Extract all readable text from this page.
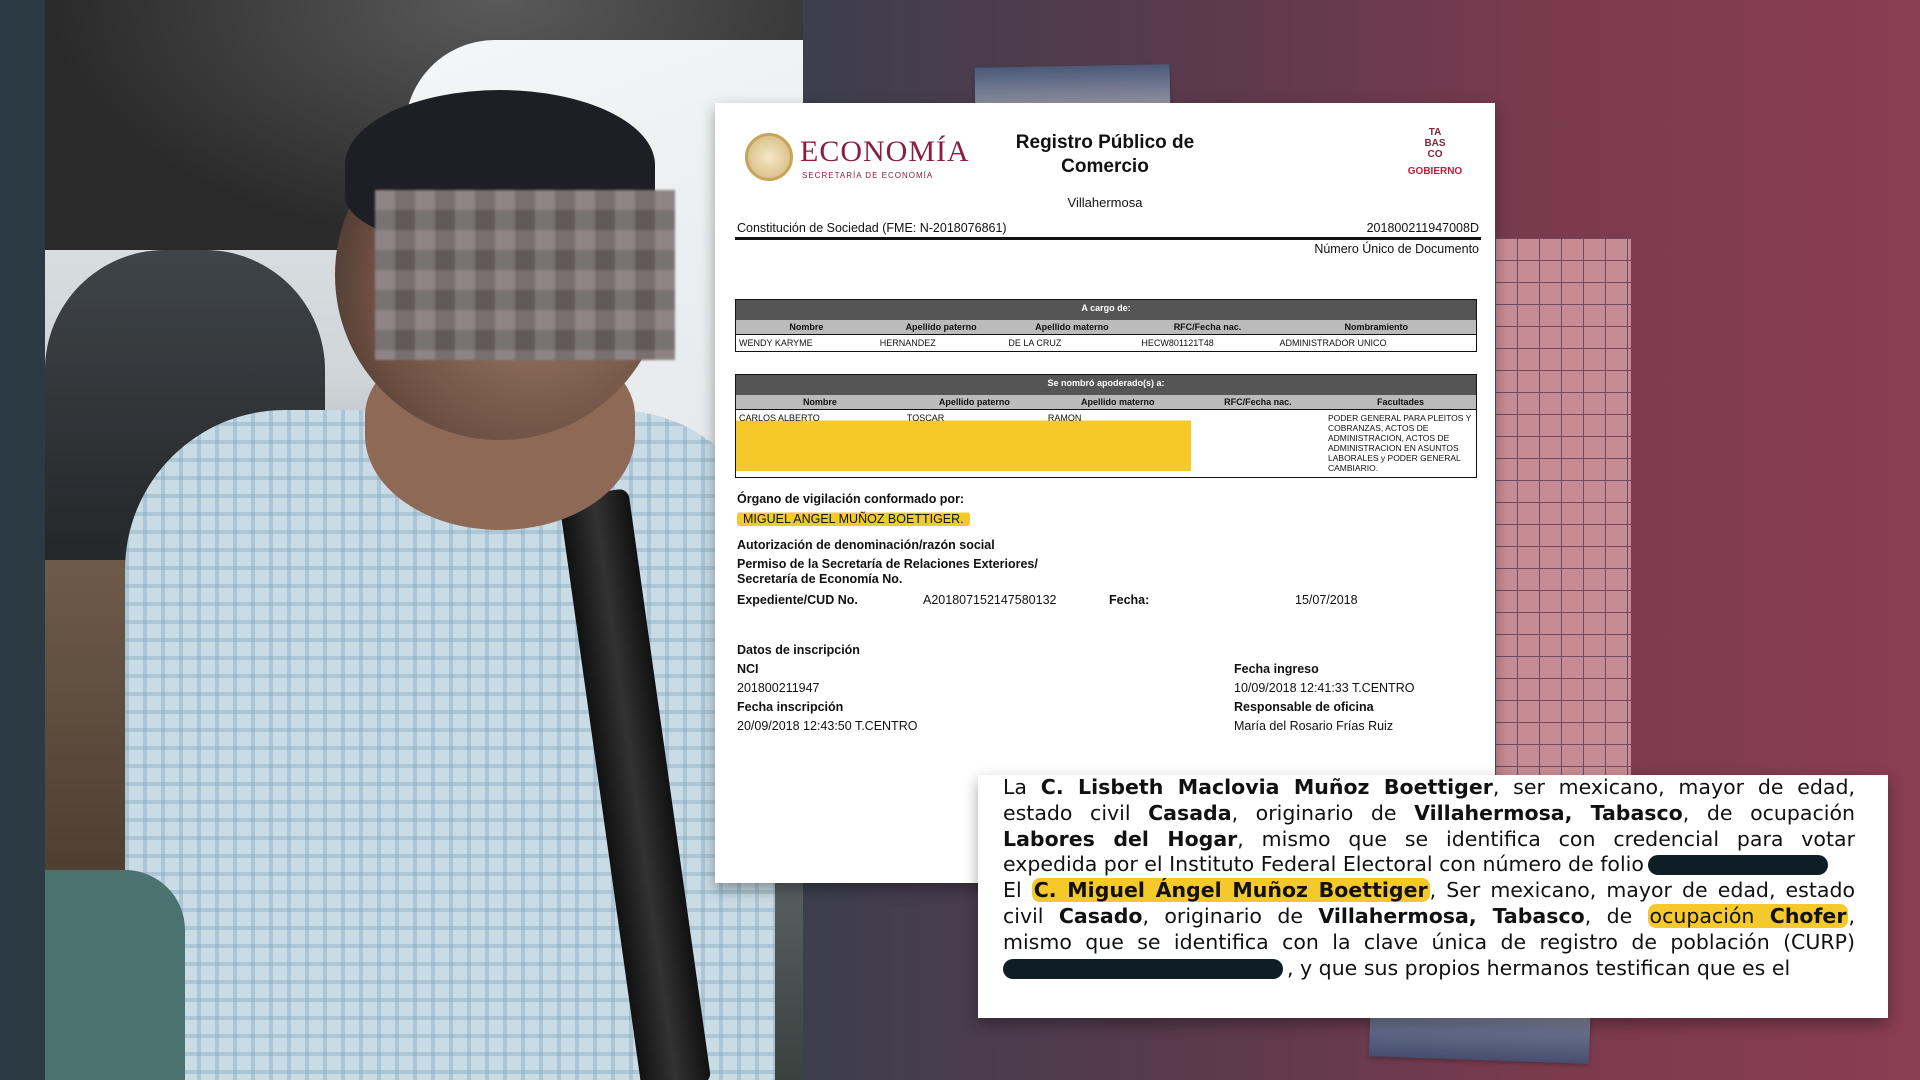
ECONOMÍA
SECRETARÍA DE ECONOMÍA
Registro Público de Comercio
Villahermosa
TA
BAS
CO
GOBIERNO
Constitución de Sociedad (FME: N-2018076861)	201800211947008D
Número Único de Documento
A cargo de:				
Nombre	Apellido paterno	Apellido materno	RFC/Fecha nac.	Nombramiento
WENDY KARYME	HERNANDEZ	DE LA CRUZ	HECW801121T48	ADMINISTRADOR UNICO
Se nombró apoderado(s) a:				
Nombre	Apellido paterno	Apellido materno	RFC/Fecha nac.	Facultades
CARLOS ALBERTO	TOSCAR	RAMON		PODER GENERAL PARA PLEITOS Y COBRANZAS, ACTOS DE ADMINISTRACION, ACTOS DE ADMINISTRACION EN ASUNTOS LABORALES y PODER GENERAL CAMBIARIO.
Órgano de vigilación conformado por:
MIGUEL ANGEL MUÑOZ BOETTIGER.
Autorización de denominación/razón social
Permiso de la Secretaría de Relaciones Exteriores/ Secretaría de Economía No.
Expediente/CUD No.	A201807152147580132	Fecha:	15/07/2018
Datos de inscripción
NCI
201800211947
Fecha inscripción
20/09/2018 12:43:50 T.CENTRO
Fecha ingreso
10/09/2018 12:41:33 T.CENTRO
Responsable de oficina
María del Rosario Frías Ruiz
La C. Lisbeth Maclovia Muñoz Boettiger, ser mexicano, mayor de edad,
estado civil Casada, originario de Villahermosa, Tabasco, de ocupación
Labores del Hogar, mismo que se identifica con credencial para votar
expedida por el Instituto Federal Electoral con número de folio
El C. Miguel Ángel Muñoz Boettiger, Ser mexicano, mayor de edad, estado
civil Casado, originario de Villahermosa, Tabasco, de ocupación Chofer,
mismo que se identifica con la clave única de registro de población (CURP)
, y que sus propios hermanos testifican que es el
